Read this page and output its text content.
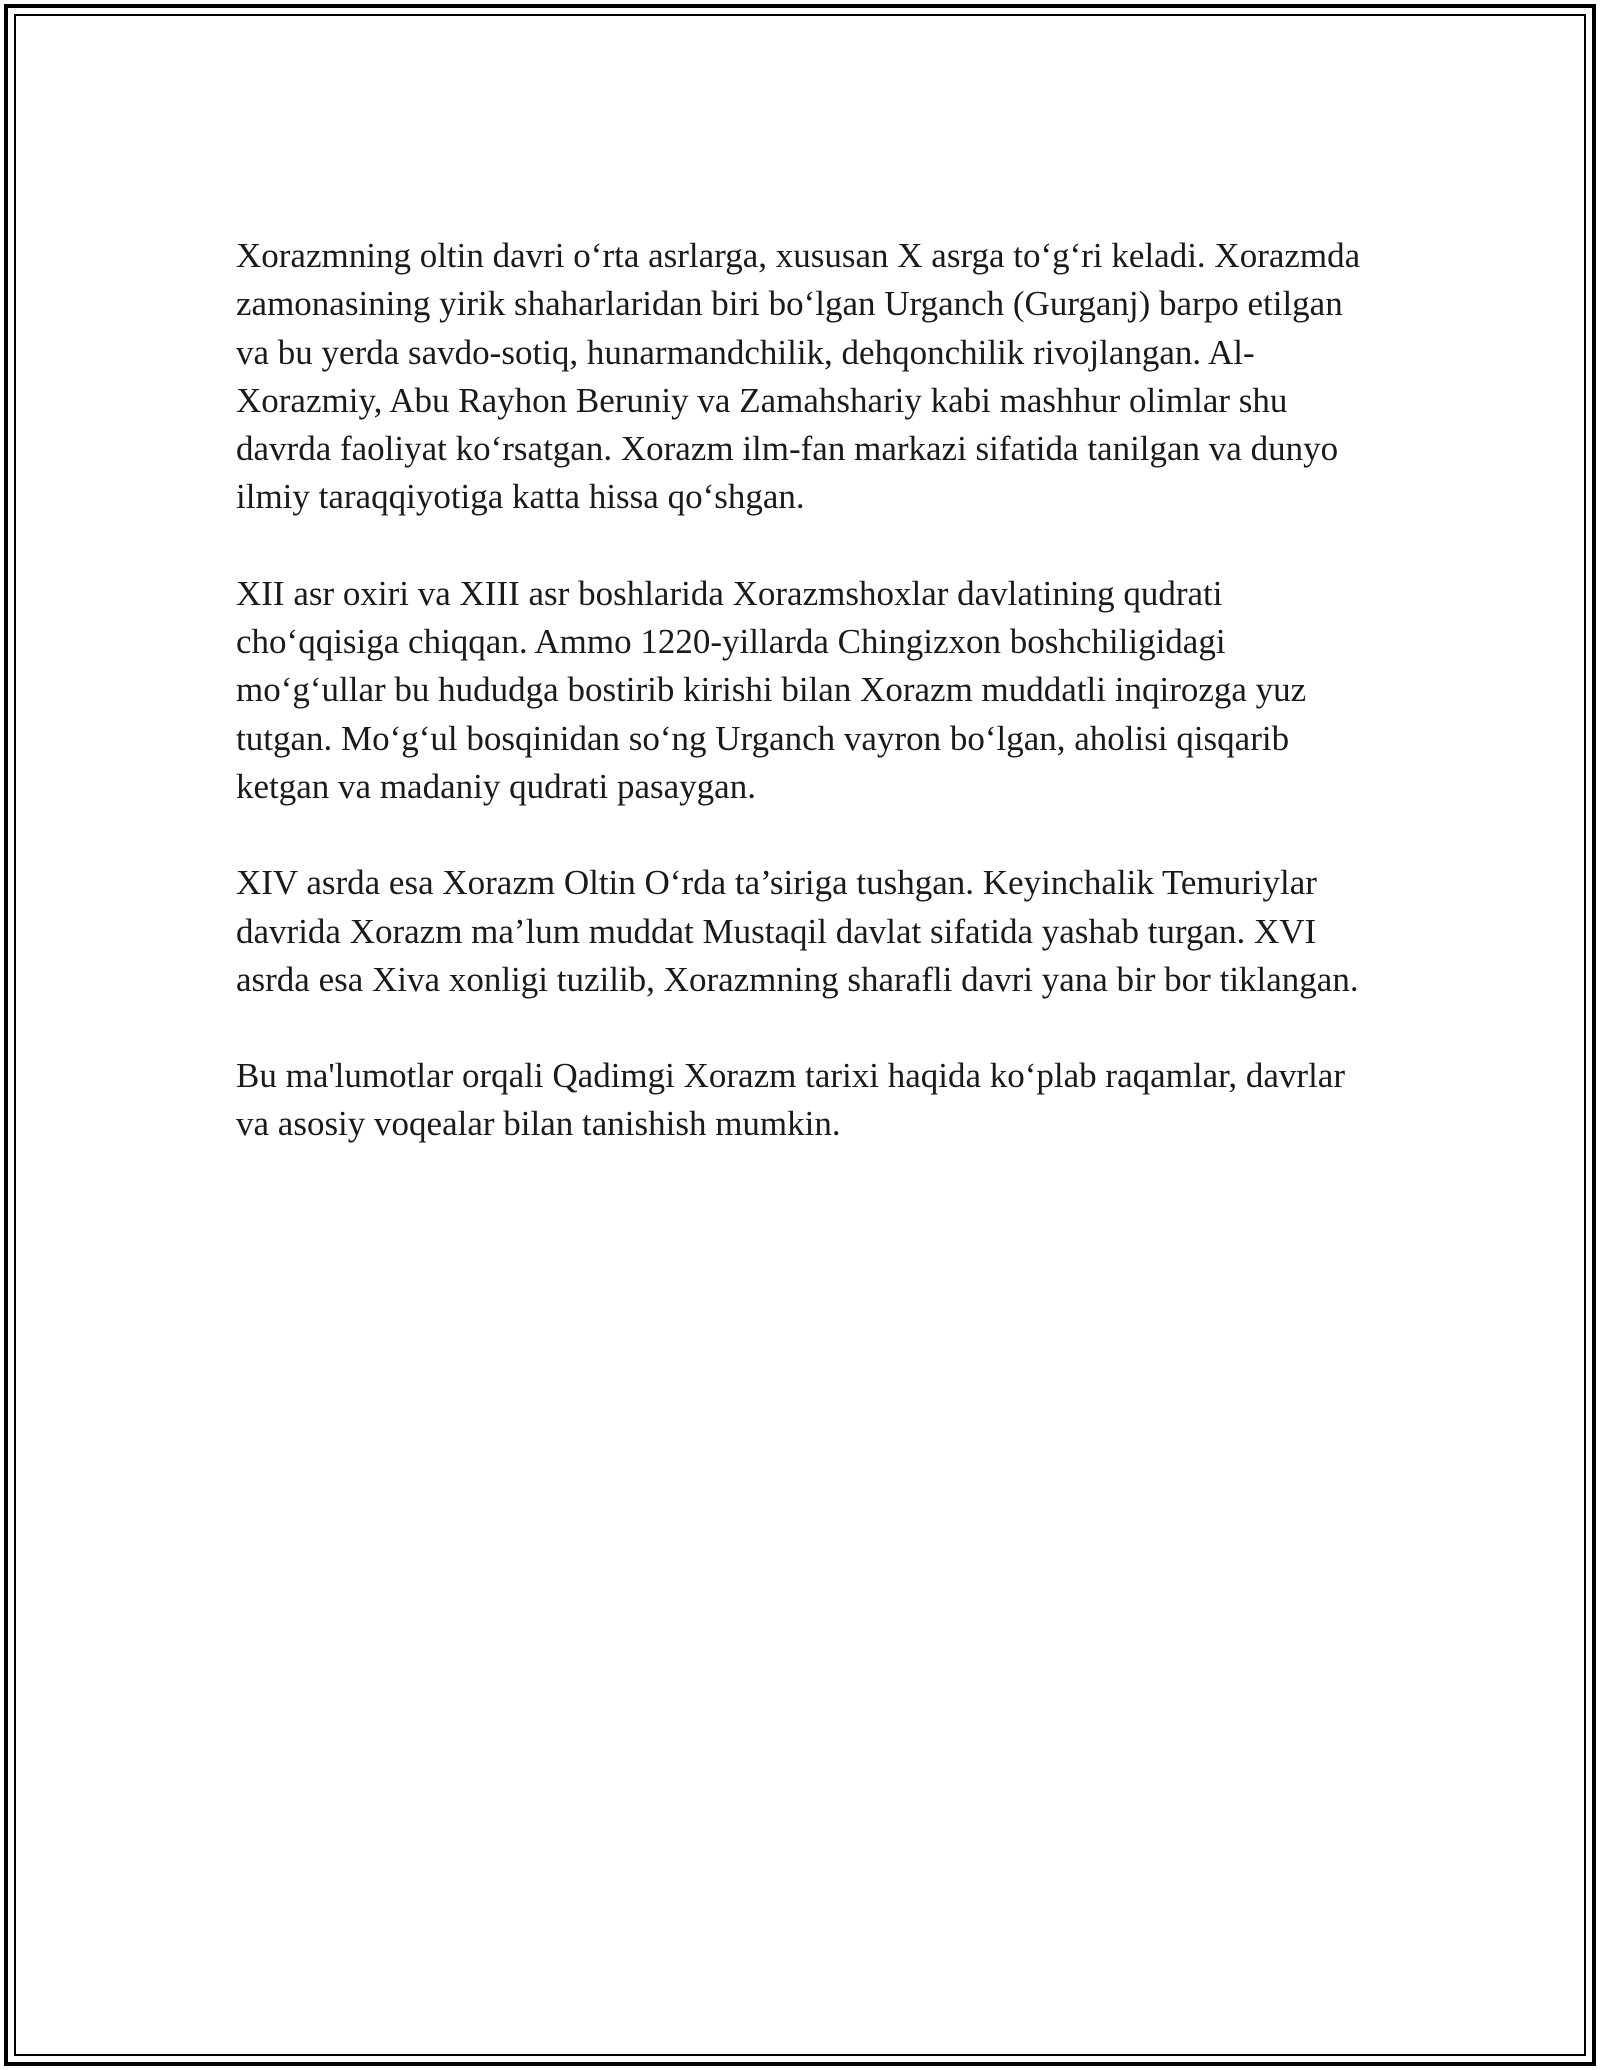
Xorazmning oltin davri o‘rta asrlarga, xususan X asrga to‘g‘ri keladi. Xorazmda zamonasining yirik shaharlaridan biri bo‘lgan Urganch (Gurganj) barpo etilgan va bu yerda savdo-sotiq, hunarmandchilik, dehqonchilik rivojlangan. Al-Xorazmiy, Abu Rayhon Beruniy va Zamahshariy kabi mashhur olimlar shu davrda faoliyat ko‘rsatgan. Xorazm ilm-fan markazi sifatida tanilgan va dunyo ilmiy taraqqiyotiga katta hissa qo‘shgan.

XII asr oxiri va XIII asr boshlarida Xorazmshoxlar davlatining qudrati cho‘qqisiga chiqqan. Ammo 1220-yillarda Chingizxon boshchiligidagi mo‘g‘ullar bu hududga bostirib kirishi bilan Xorazm muddatli inqirozga yuz tutgan. Mo‘g‘ul bosqinidan so‘ng Urganch vayron bo‘lgan, aholisi qisqarib ketgan va madaniy qudrati pasaygan.

XIV asrda esa Xorazm Oltin O‘rda ta’siriga tushgan. Keyinchalik Temuriylar davrida Xorazm ma’lum muddat Mustaqil davlat sifatida yashab turgan. XVI asrda esa Xiva xonligi tuzilib, Xorazmning sharafli davri yana bir bor tiklangan.

Bu ma'lumotlar orqali Qadimgi Xorazm tarixi haqida ko‘plab raqamlar, davrlar va asosiy voqealar bilan tanishish mumkin.
